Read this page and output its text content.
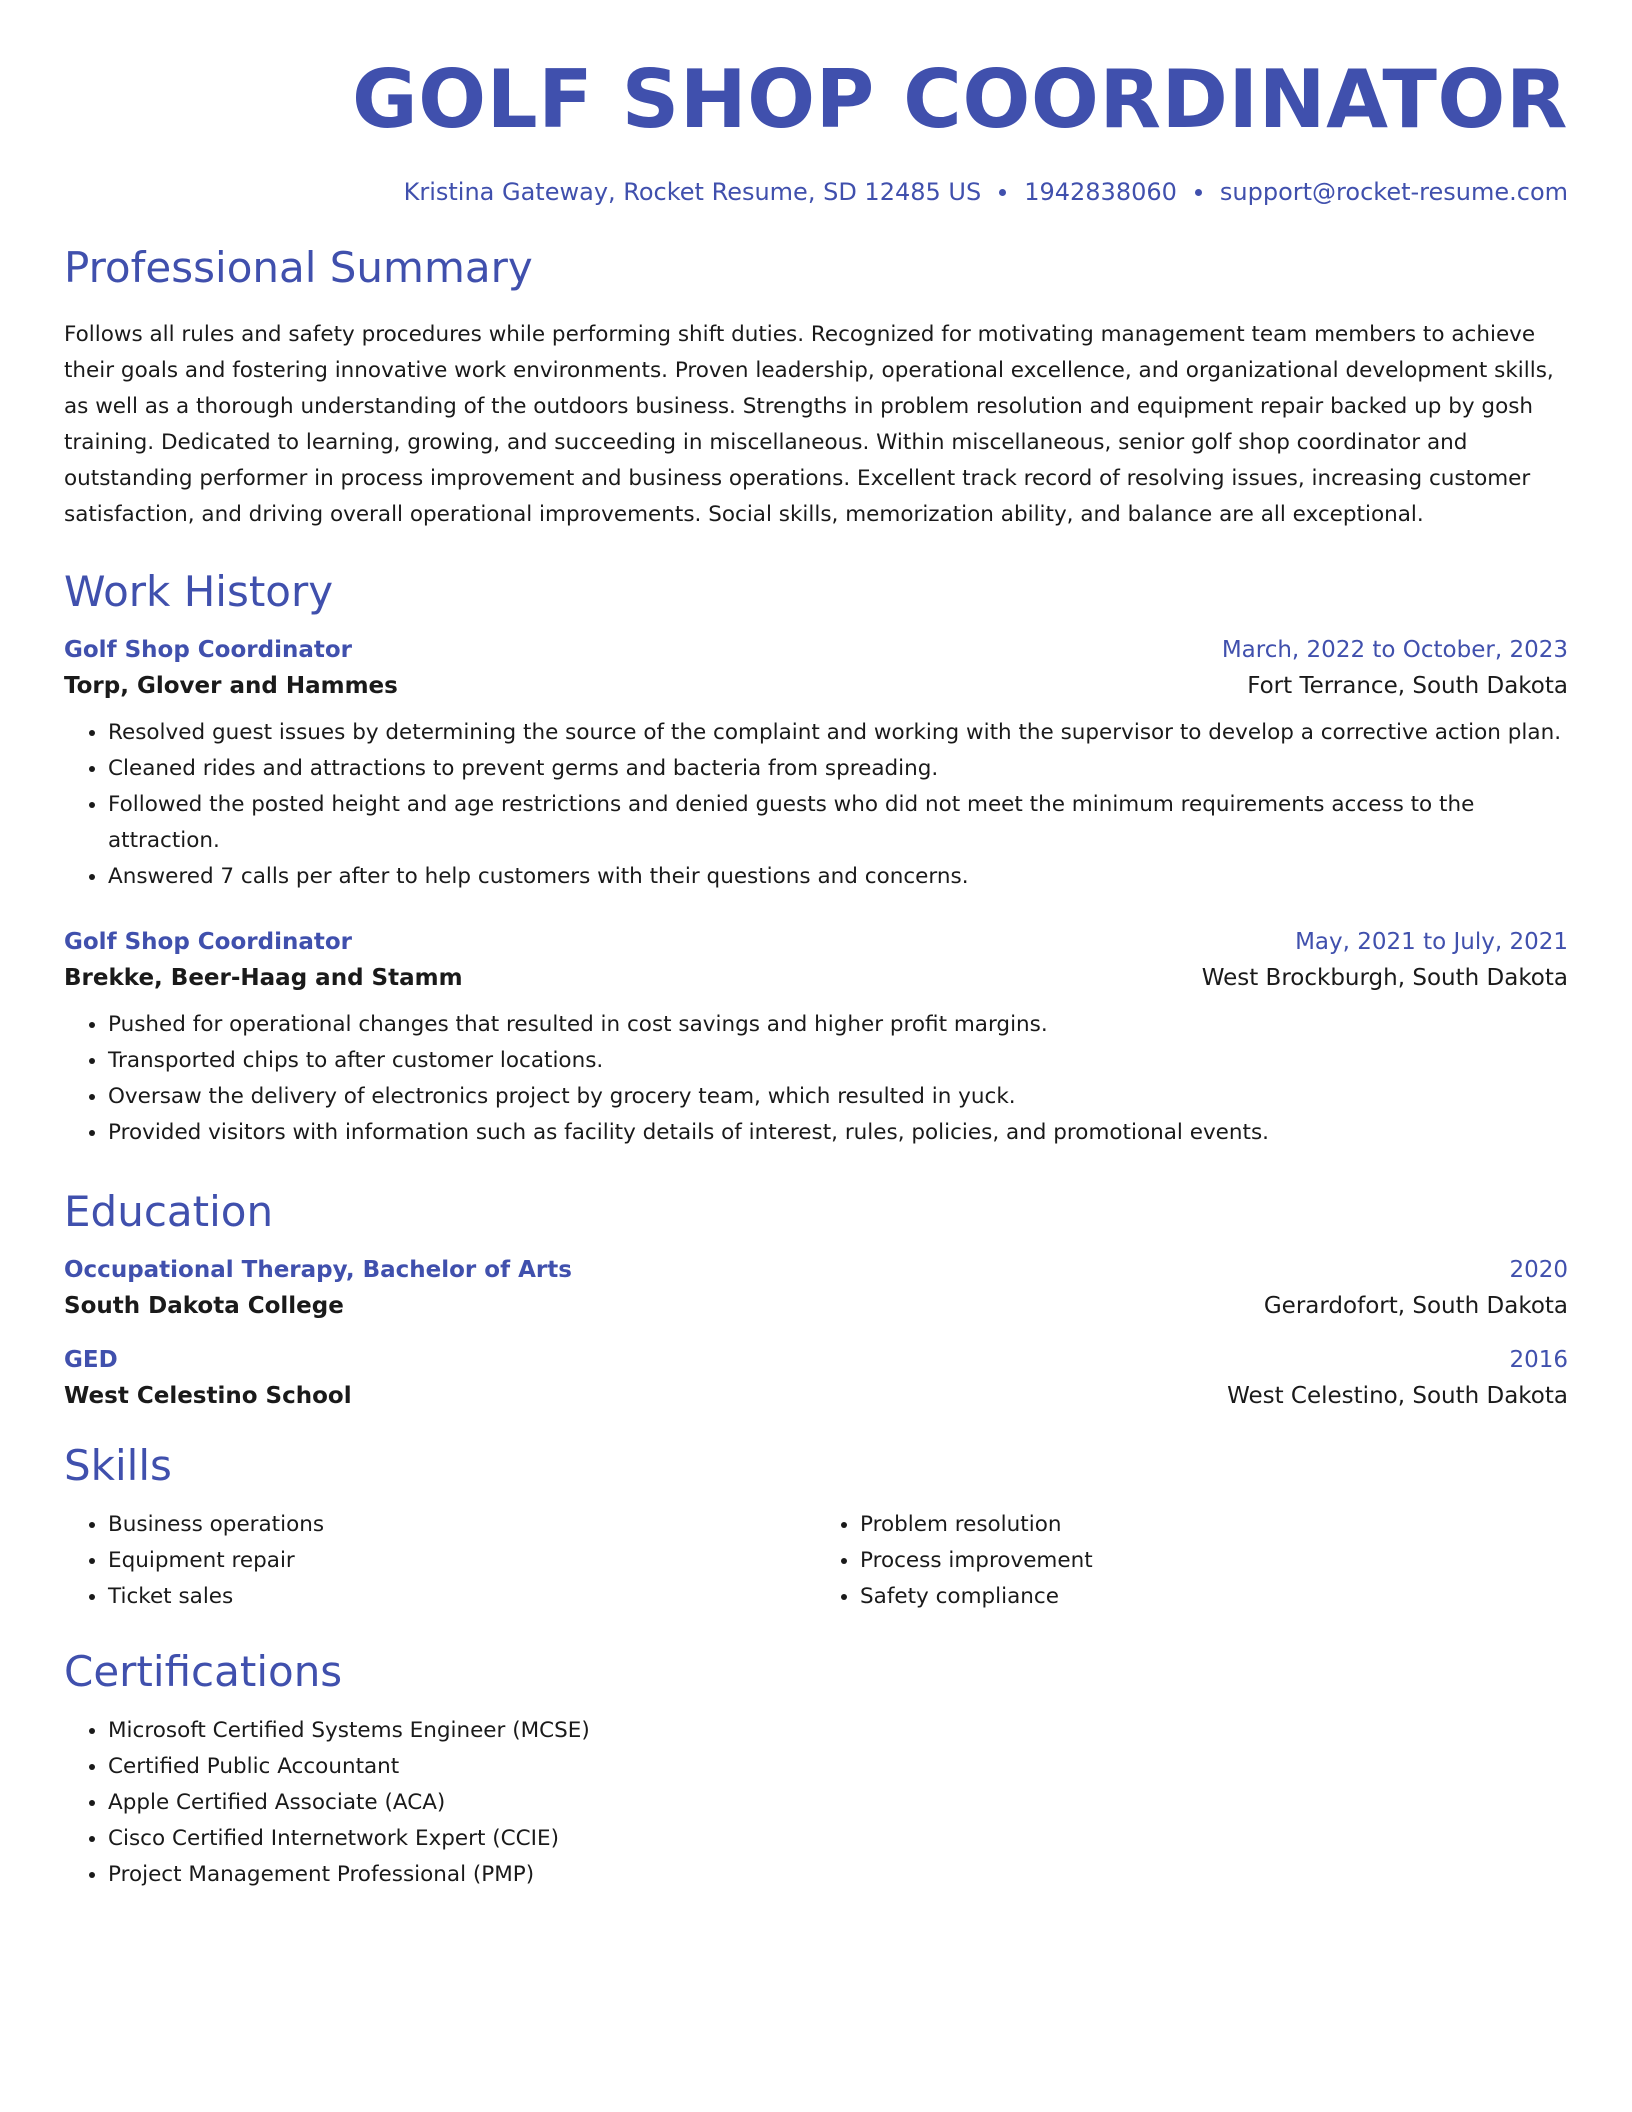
GOLF SHOP COORDINATOR
Kristina Gateway, Rocket Resume, SD 12485 US 1942838060 support@rocket-resume.com
Professional Summary
Follows all rules and safety procedures while performing shift duties. Recognized for motivating management team members to achieve their goals and fostering innovative work environments. Proven leadership, operational excellence, and organizational development skills, as well as a thorough understanding of the outdoors business. Strengths in problem resolution and equipment repair backed up by gosh training. Dedicated to learning, growing, and succeeding in miscellaneous. Within miscellaneous, senior golf shop coordinator and outstanding performer in process improvement and business operations. Excellent track record of resolving issues, increasing customer satisfaction, and driving overall operational improvements. Social skills, memorization ability, and balance are all exceptional.
Work History
Golf Shop Coordinator	March, 2022 to October, 2023
Torp, Glover and Hammes	Fort Terrance, South Dakota
• Resolved guest issues by determining the source of the complaint and working with the supervisor to develop a corrective action plan.
• Cleaned rides and attractions to prevent germs and bacteria from spreading.
• Followed the posted height and age restrictions and denied guests who did not meet the minimum requirements access to the attraction.
• Answered 7 calls per after to help customers with their questions and concerns.
Golf Shop Coordinator	May, 2021 to July, 2021
Brekke, Beer-Haag and Stamm	West Brockburgh, South Dakota
• Pushed for operational changes that resulted in cost savings and higher profit margins.
• Transported chips to after customer locations.
• Oversaw the delivery of electronics project by grocery team, which resulted in yuck.
• Provided visitors with information such as facility details of interest, rules, policies, and promotional events.
Education
Occupational Therapy, Bachelor of Arts	2020
South Dakota College	Gerardofort, South Dakota
GED	2016
West Celestino School	West Celestino, South Dakota
Skills
• Business operations
• Equipment repair
• Ticket sales
• Problem resolution
• Process improvement
• Safety compliance
Certifications
• Microsoft Certified Systems Engineer (MCSE)
• Certified Public Accountant
• Apple Certified Associate (ACA)
• Cisco Certified Internetwork Expert (CCIE)
• Project Management Professional (PMP)
